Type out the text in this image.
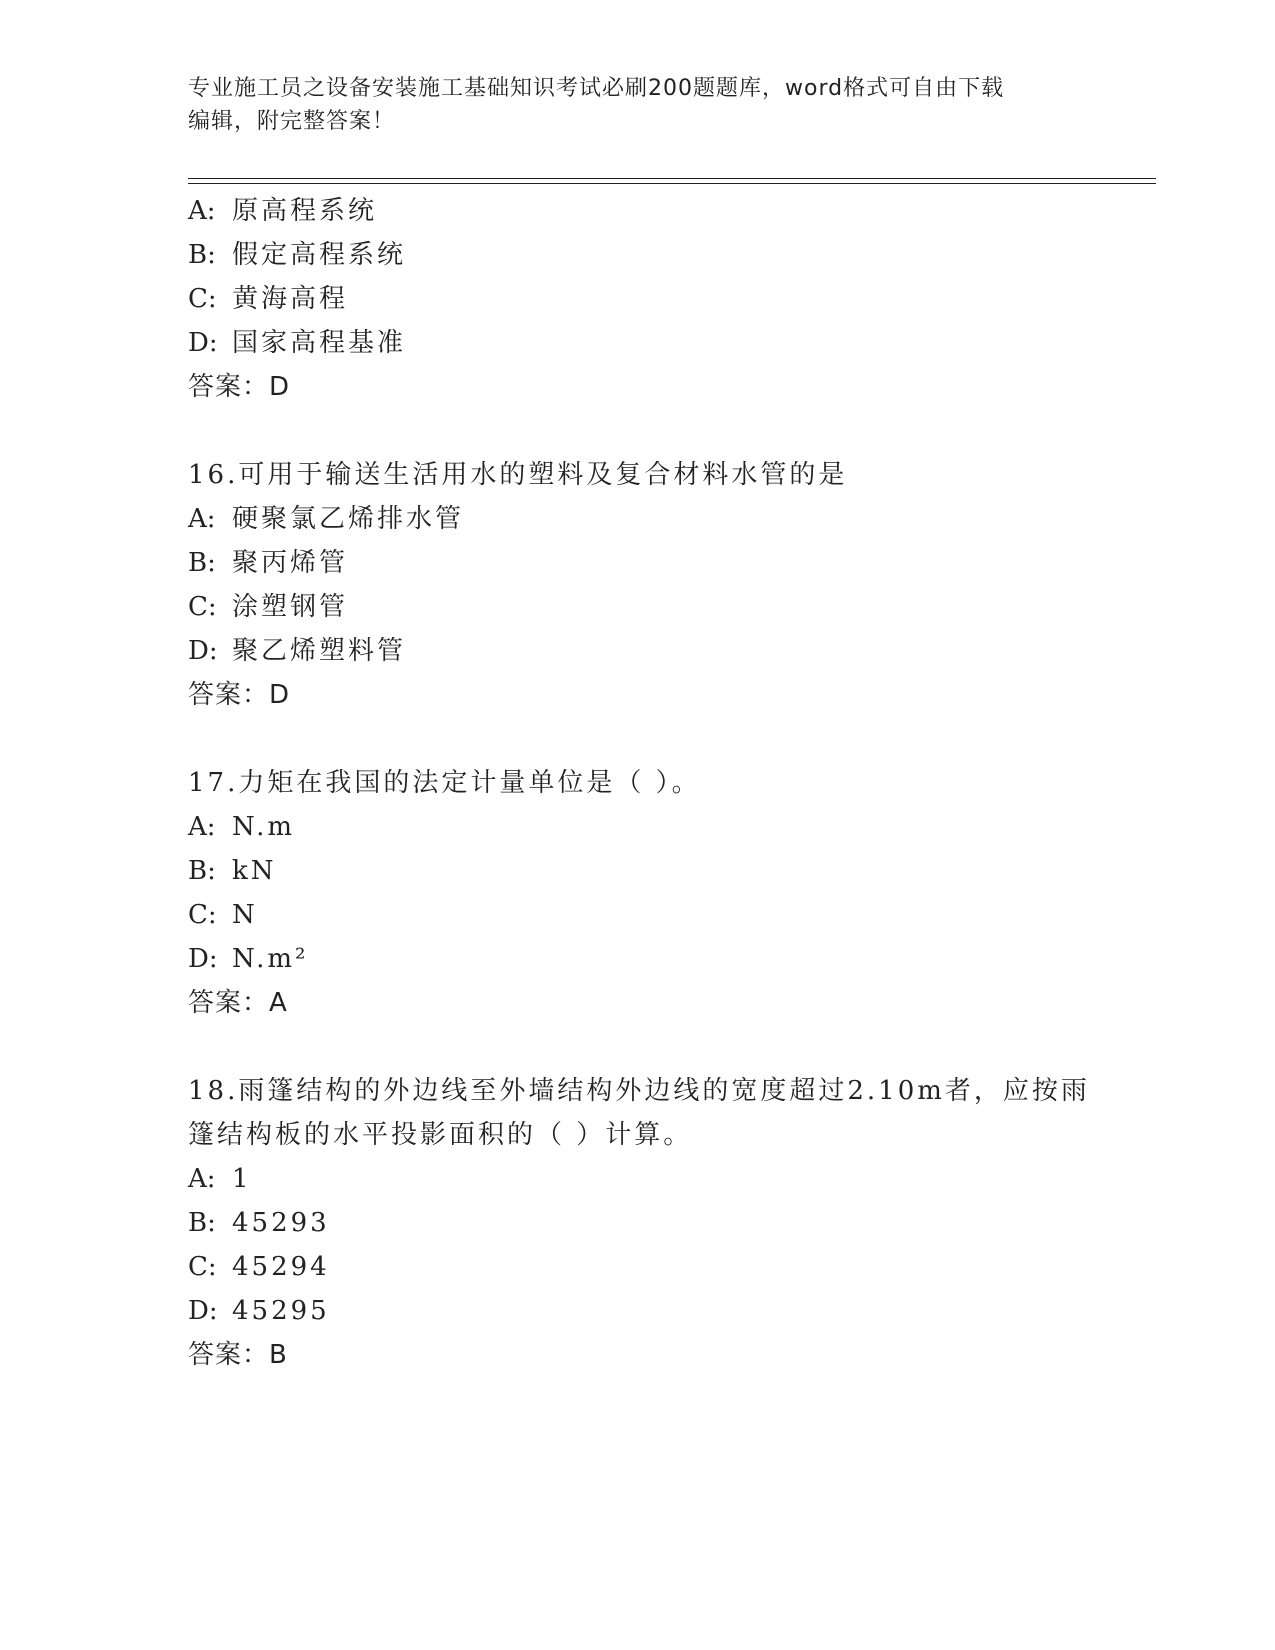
专业施工员之设备安装施工基础知识考试必刷200题题库，word格式可自由下载
编辑，附完整答案！
A: 原高程系统
B: 假定高程系统
C: 黄海高程
D: 国家高程基准
答案：D
16.可用于输送生活用水的塑料及复合材料水管的是
A: 硬聚氯乙烯排水管
B: 聚丙烯管
C: 涂塑钢管
D: 聚乙烯塑料管
答案：D
17.力矩在我国的法定计量单位是（ ）。
A: N.m
B: kN
C: N
D: N.m²
答案：A
18.雨篷结构的外边线至外墙结构外边线的宽度超过2.10m者，应按雨
篷结构板的水平投影面积的（ ）计算。
A: 1
B: 45293
C: 45294
D: 45295
答案：B
